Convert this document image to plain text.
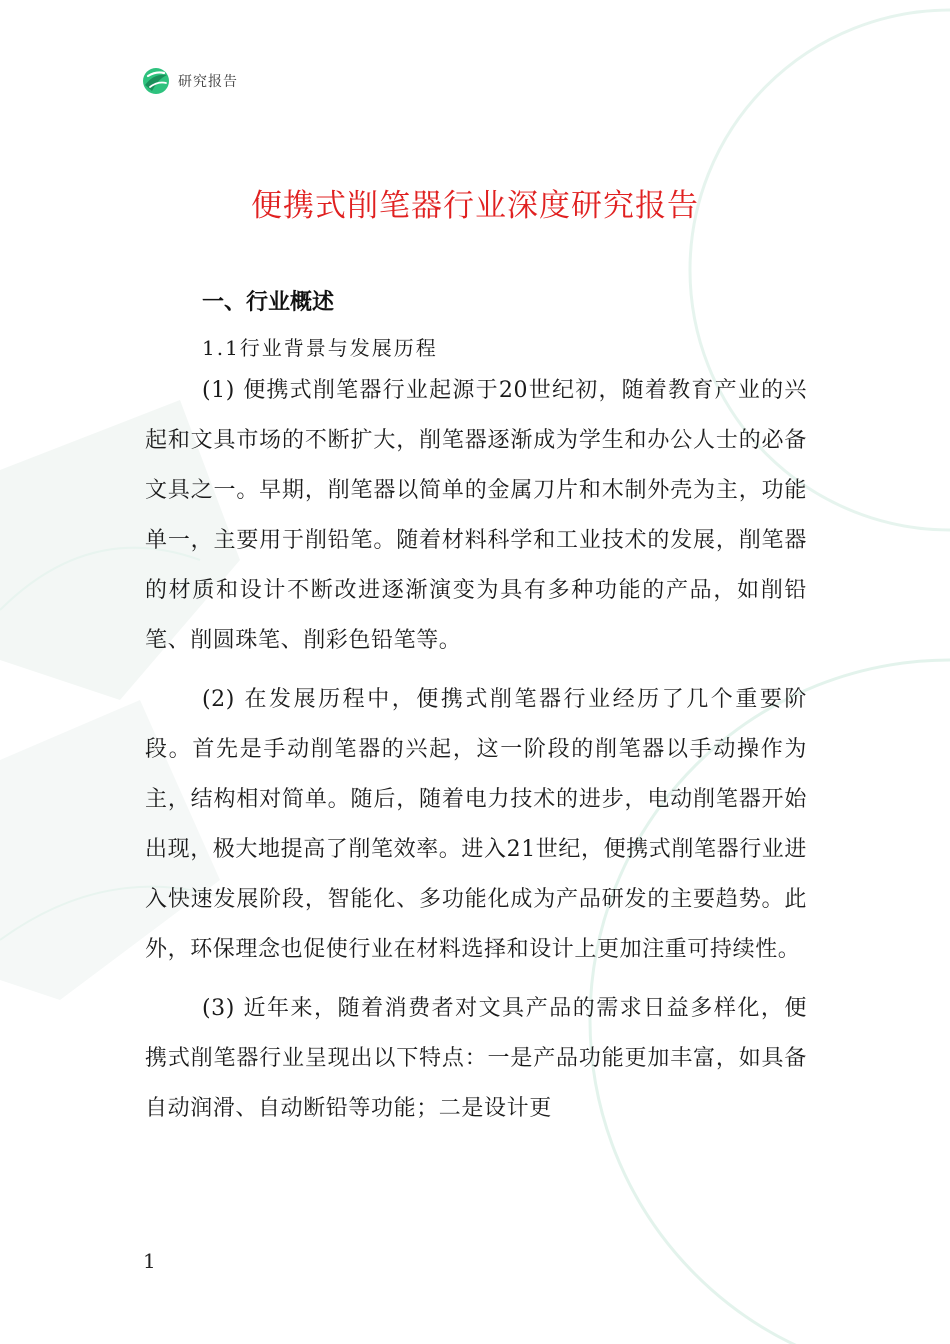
研究报告
便携式削笔器行业深度研究报告
一、行业概述
1.1行业背景与发展历程

(1) 便携式削笔器行业起源于20世纪初，随着教育产业的兴起和文具市场的不断扩大，削笔器逐渐成为学生和办公人士的必备文具之一。早期，削笔器以简单的金属刀片和木制外壳为主，功能单一，主要用于削铅笔。随着材料科学和工业技术的发展，削笔器的材质和设计不断改进逐渐演变为具有多种功能的产品，如削铅笔、削圆珠笔、削彩色铅笔等。

(2) 在发展历程中，便携式削笔器行业经历了几个重要阶段。首先是手动削笔器的兴起，这一阶段的削笔器以手动操作为主，结构相对简单。随后，随着电力技术的进步，电动削笔器开始出现，极大地提高了削笔效率。进入21世纪，便携式削笔器行业进入快速发展阶段，智能化、多功能化成为产品研发的主要趋势。此外，环保理念也促使行业在材料选择和设计上更加注重可持续性。

(3) 近年来，随着消费者对文具产品的需求日益多样化，便携式削笔器行业呈现出以下特点：一是产品功能更加丰富，如具备自动润滑、自动断铅等功能；二是设计更

1
